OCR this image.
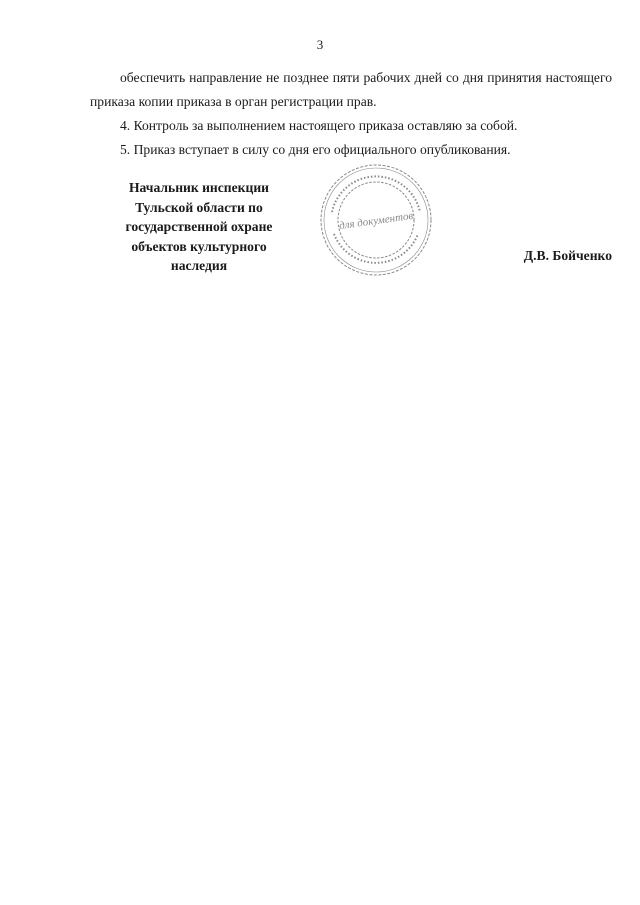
3

обеспечить направление не позднее пяти рабочих дней со дня принятия настоящего приказа копии приказа в орган регистрации прав.

4. Контроль за выполнением настоящего приказа оставляю за собой.

5. Приказ вступает в силу со дня его официального опубликования.

Начальник инспекции
Тульской области по
государственной охране
объектов культурного
наследия
для документов
Д.В. Бойченко
